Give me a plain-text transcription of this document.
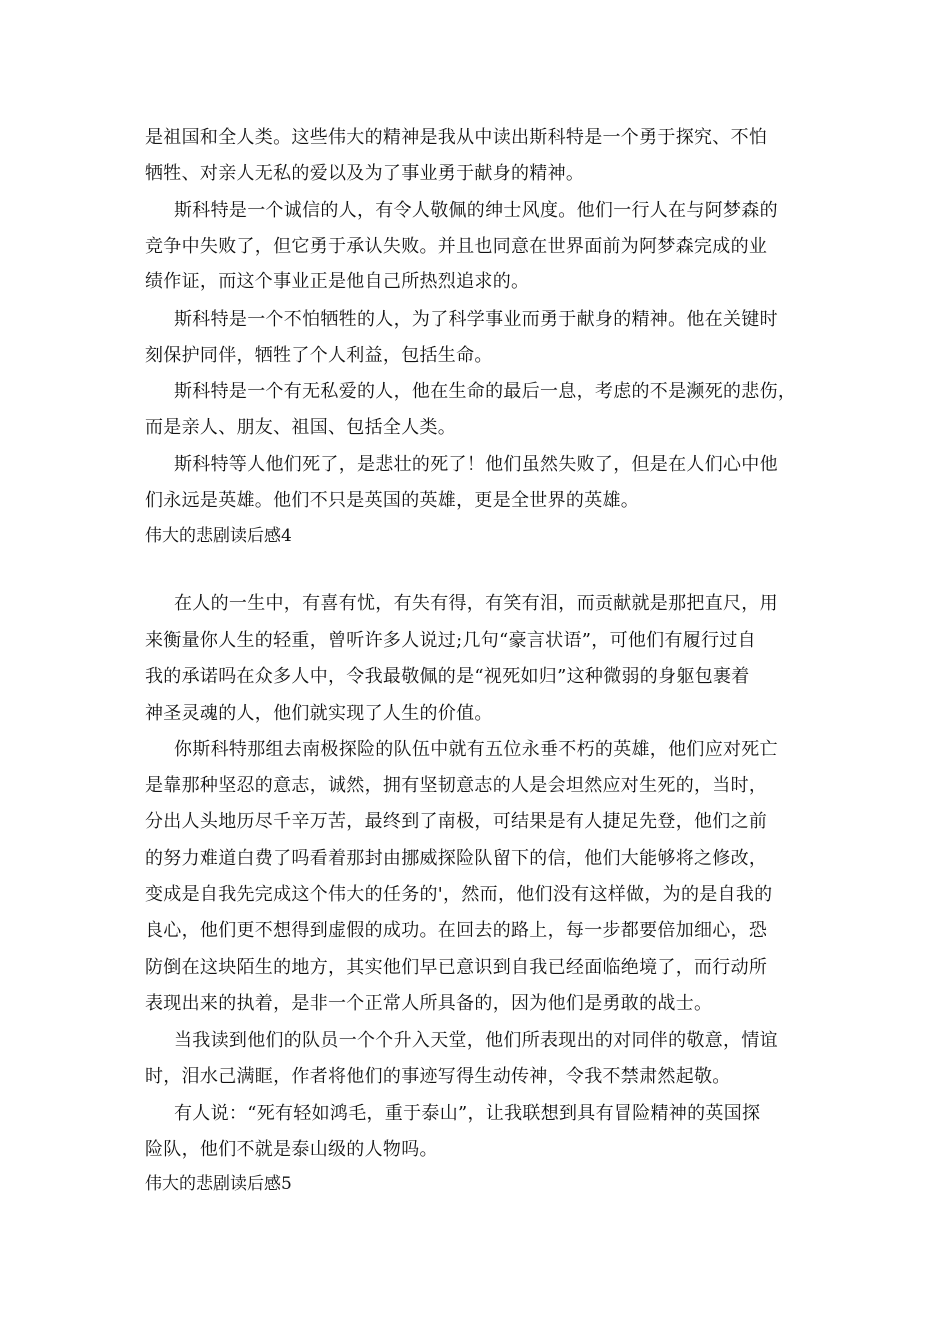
是祖国和全人类。这些伟大的精神是我从中读出斯科特是一个勇于探究、不怕
牺牲、对亲人无私的爱以及为了事业勇于献身的精神。
斯科特是一个诚信的人，有令人敬佩的绅士风度。他们一行人在与阿梦森的
竞争中失败了，但它勇于承认失败。并且也同意在世界面前为阿梦森完成的业
绩作证，而这个事业正是他自己所热烈追求的。
斯科特是一个不怕牺牲的人，为了科学事业而勇于献身的精神。他在关键时
刻保护同伴，牺牲了个人利益，包括生命。
斯科特是一个有无私爱的人，他在生命的最后一息，考虑的不是濒死的悲伤，
而是亲人、朋友、祖国、包括全人类。
斯科特等人他们死了，是悲壮的死了！他们虽然失败了，但是在人们心中他
们永远是英雄。他们不只是英国的英雄，更是全世界的英雄。
伟大的悲剧读后感4
在人的一生中，有喜有忧，有失有得，有笑有泪，而贡献就是那把直尺，用
来衡量你人生的轻重，曾听许多人说过;几句“豪言状语”，可他们有履行过自
我的承诺吗在众多人中，令我最敬佩的是“视死如归”这种微弱的身躯包裹着
神圣灵魂的人，他们就实现了人生的价值。
你斯科特那组去南极探险的队伍中就有五位永垂不朽的英雄，他们应对死亡
是靠那种坚忍的意志，诚然，拥有坚韧意志的人是会坦然应对生死的，当时，
分出人头地历尽千辛万苦，最终到了南极，可结果是有人捷足先登，他们之前
的努力难道白费了吗看着那封由挪威探险队留下的信，他们大能够将之修改，
变成是自我先完成这个伟大的任务的'，然而，他们没有这样做，为的是自我的
良心，他们更不想得到虚假的成功。在回去的路上，每一步都要倍加细心，恐
防倒在这块陌生的地方，其实他们早已意识到自我已经面临绝境了，而行动所
表现出来的执着，是非一个正常人所具备的，因为他们是勇敢的战士。
当我读到他们的队员一个个升入天堂，他们所表现出的对同伴的敬意，情谊
时，泪水己满眶，作者将他们的事迹写得生动传神，令我不禁肃然起敬。
有人说：“死有轻如鸿毛，重于泰山”，让我联想到具有冒险精神的英国探
险队，他们不就是泰山级的人物吗。
伟大的悲剧读后感5
